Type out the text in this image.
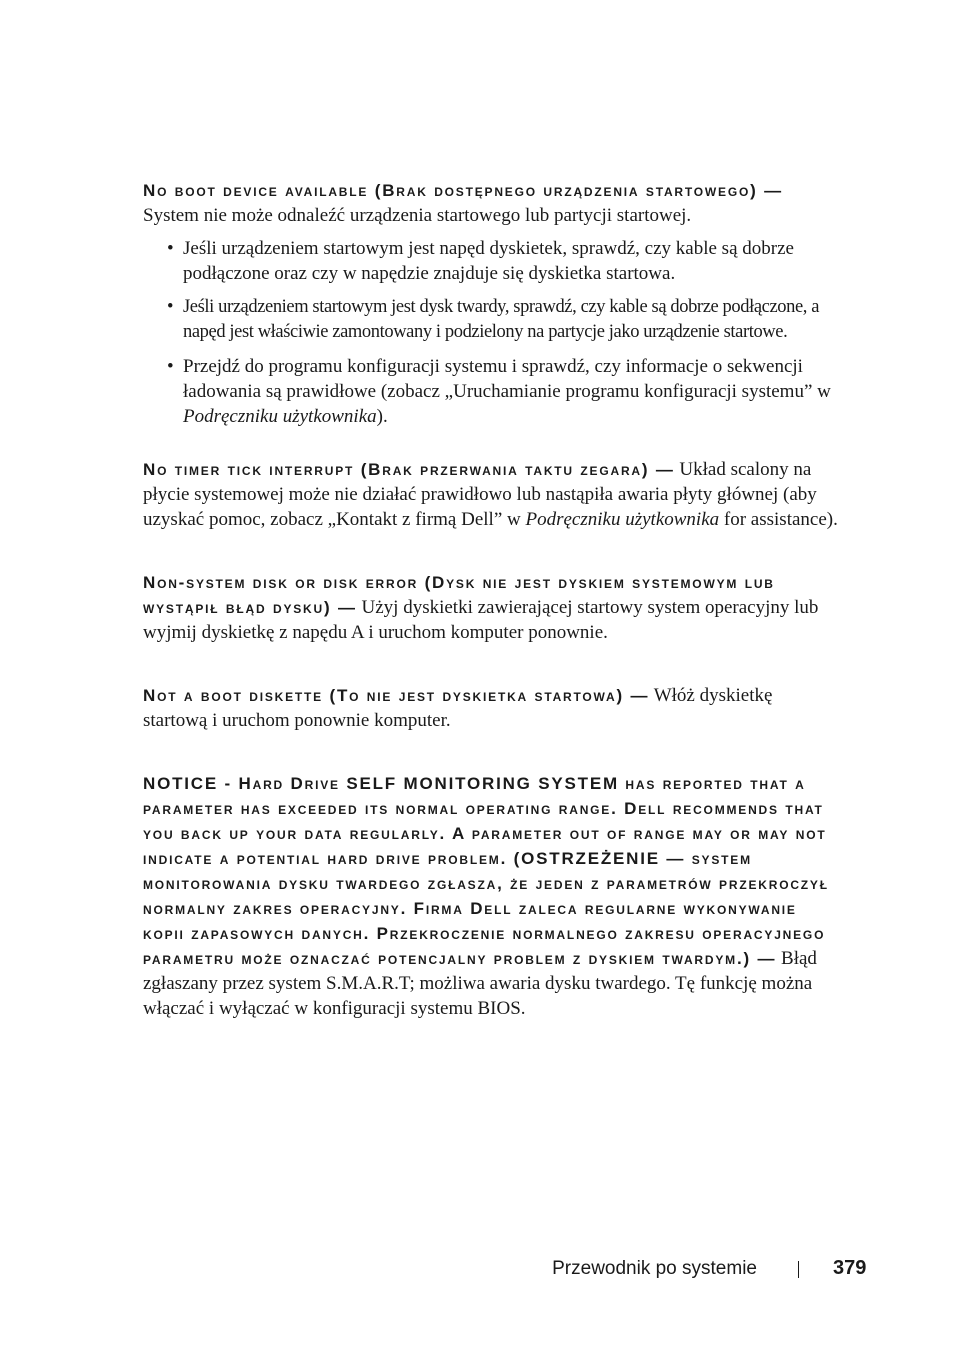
No boot device available (Brak dostępnego urządzenia startowego) — System nie może odnaleźć urządzenia startowego lub partycji startowej.

• Jeśli urządzeniem startowym jest napęd dyskietek, sprawdź, czy kable są dobrze podłączone oraz czy w napędzie znajduje się dyskietka startowa.
• Jeśli urządzeniem startowym jest dysk twardy, sprawdź, czy kable są dobrze podłączone, a napęd jest właściwie zamontowany i podzielony na partycje jako urządzenie startowe.
• Przejdź do programu konfiguracji systemu i sprawdź, czy informacje o sekwencji ładowania są prawidłowe (zobacz „Uruchamianie programu konfiguracji systemu” w Podręczniku użytkownika).

No timer tick interrupt (Brak przerwania taktu zegara) — Układ scalony na płycie systemowej może nie działać prawidłowo lub nastąpiła awaria płyty głównej (aby uzyskać pomoc, zobacz „Kontakt z firmą Dell” w Podręczniku użytkownika for assistance).

Non-system disk or disk error (Dysk nie jest dyskiem systemowym lub wystąpił błąd dysku) — Użyj dyskietki zawierającej startowy system operacyjny lub wyjmij dyskietkę z napędu A i uruchom komputer ponownie.

Not a boot diskette (To nie jest dyskietka startowa) — Włóż dyskietkę startową i uruchom ponownie komputer.

NOTICE - Hard Drive SELF MONITORING SYSTEM has reported that a parameter has exceeded its normal operating range. Dell recommends that you back up your data regularly. A parameter out of range may or may not indicate a potential hard drive problem. (OSTRZEŻENIE — system monitorowania dysku twardego zgłasza, że jeden z parametrów przekroczył normalny zakres operacyjny. Firma Dell zaleca regularne wykonywanie kopii zapasowych danych. Przekroczenie normalnego zakresu operacyjnego parametru może oznaczać potencjalny problem z dyskiem twardym.) — Błąd zgłaszany przez system S.M.A.R.T; możliwa awaria dysku twardego. Tę funkcję można włączać i wyłączać w konfiguracji systemu BIOS.

Przewodnik po systemie	379
